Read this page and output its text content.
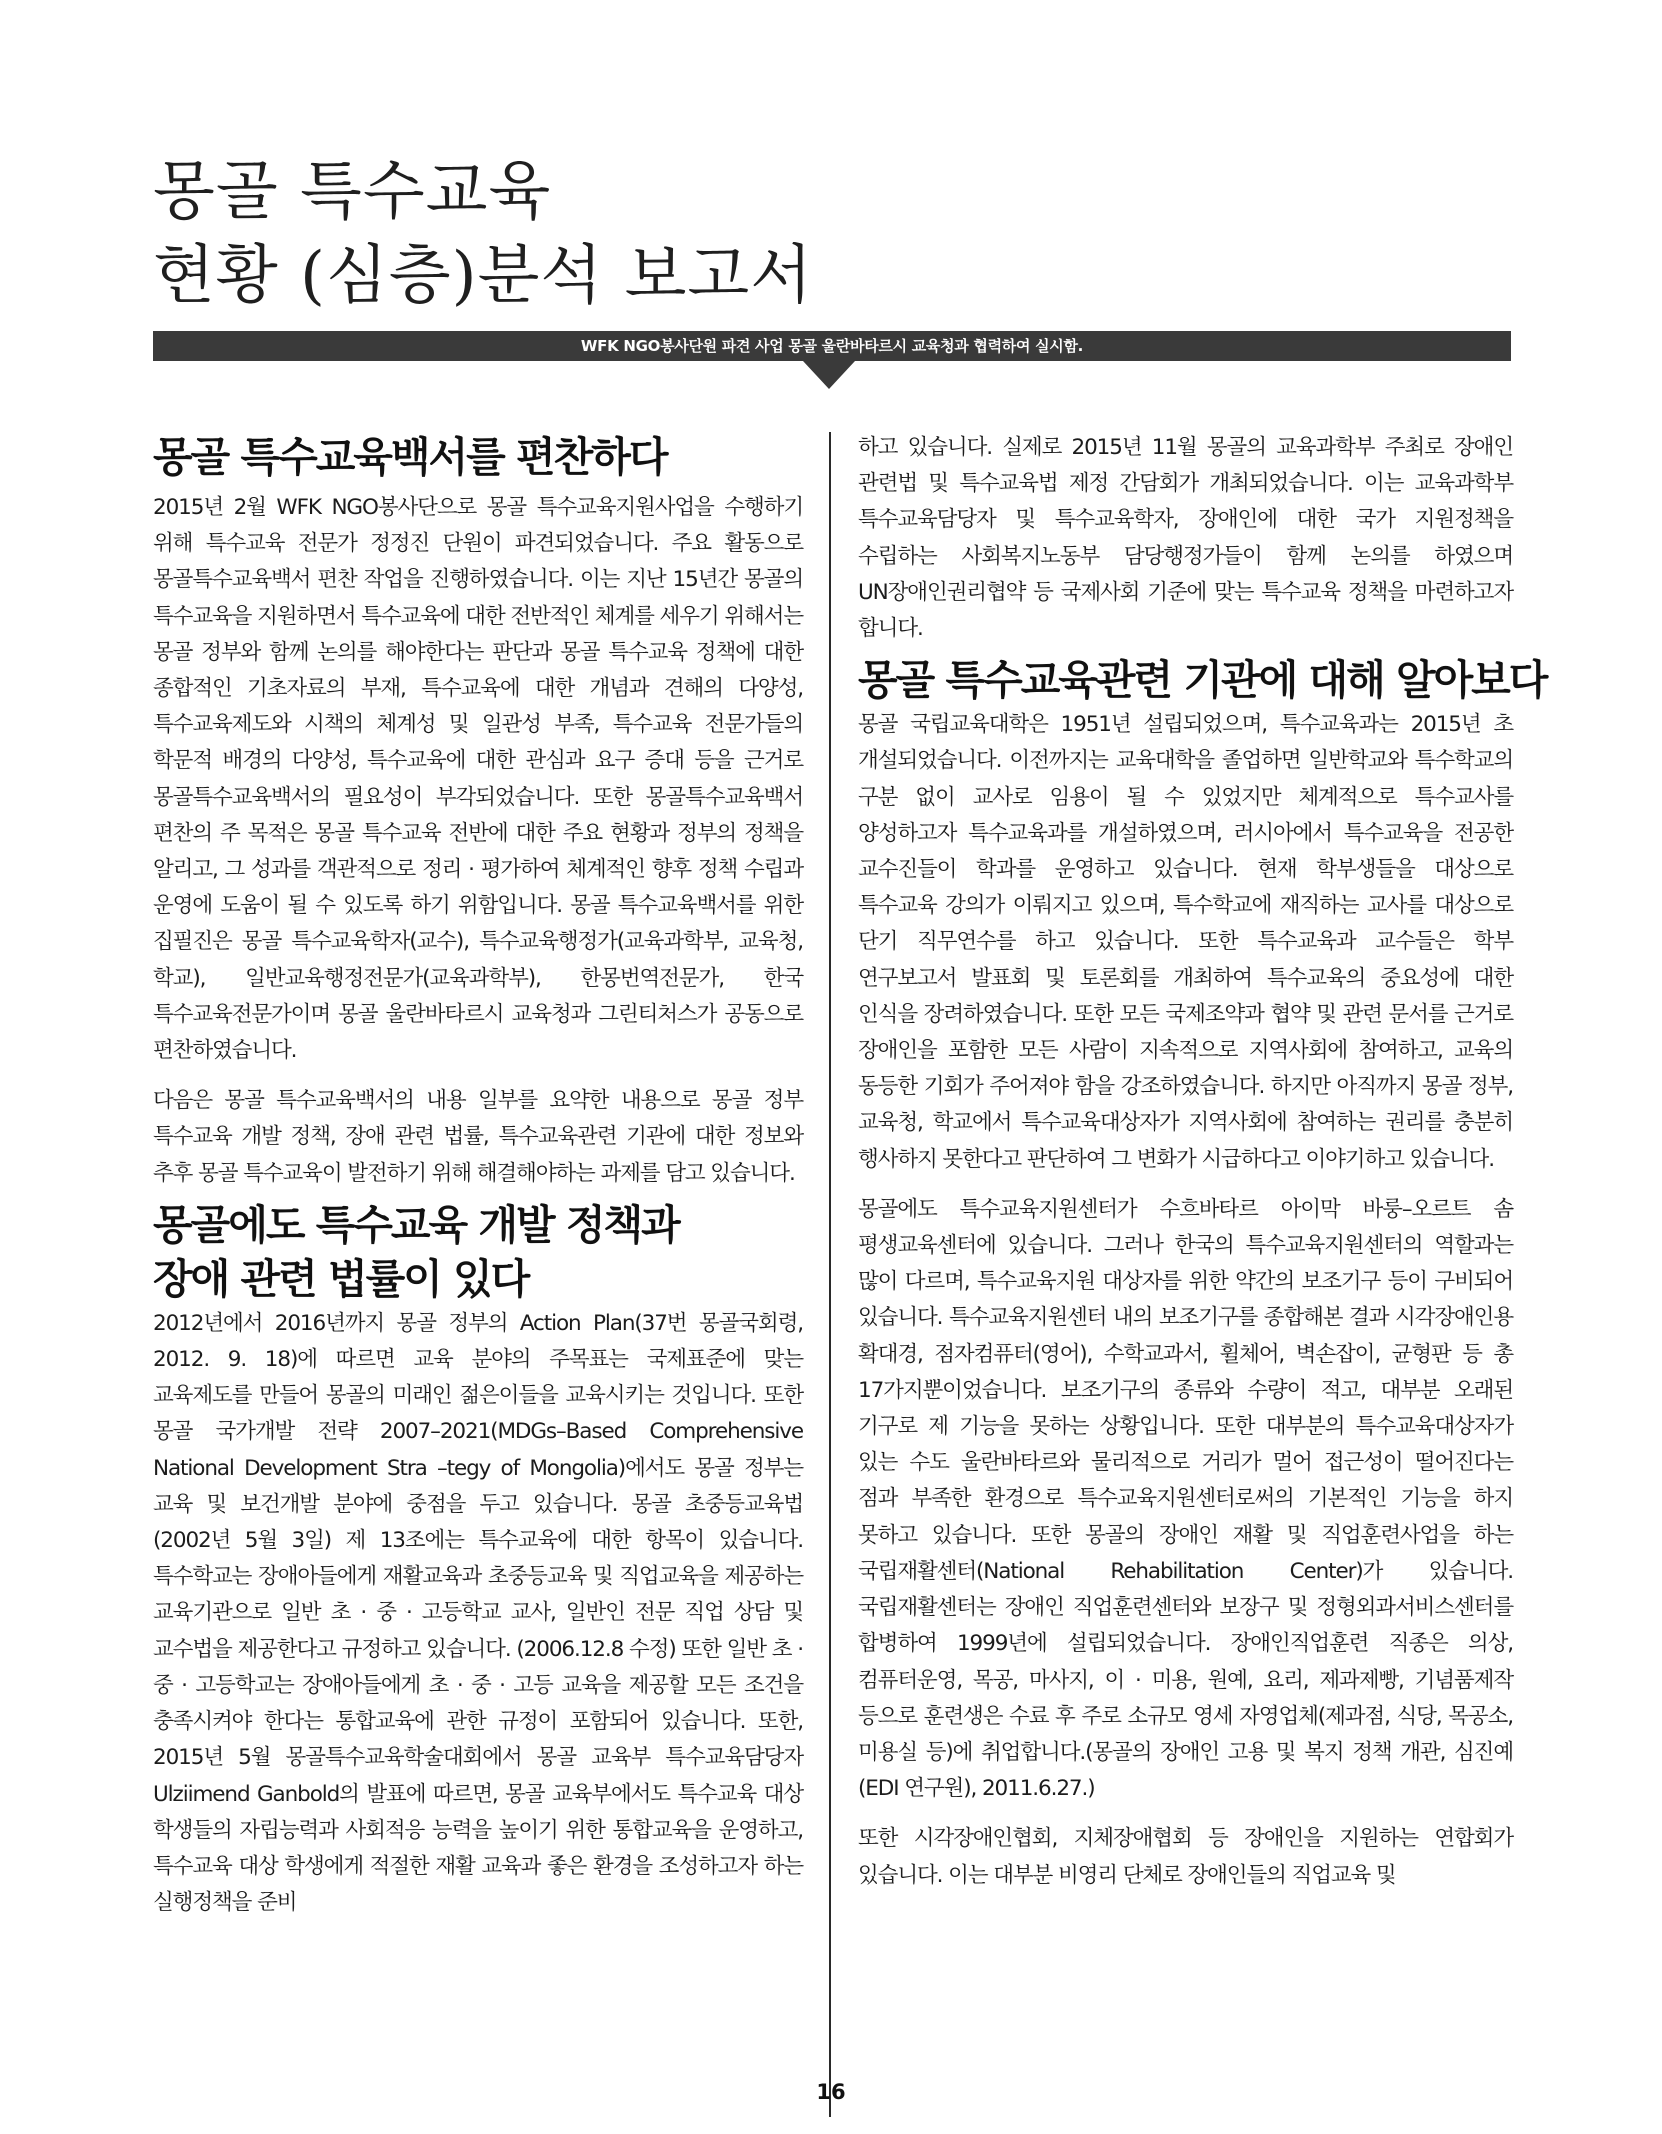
몽골 특수교육
현황 (심층)분석 보고서
WFK NGO봉사단원 파견 사업 몽골 울란바타르시 교육청과 협력하여 실시함.
몽골 특수교육백서를 편찬하다

2015년 2월 WFK NGO봉사단으로 몽골 특수교육지원사업을 수행하기 위해 특수교육 전문가 정정진 단원이 파견되었습니다. 주요 활동으로 몽골특수교육백서 편찬 작업을 진행하였습니다. 이는 지난 15년간 몽골의 특수교육을 지원하면서 특수교육에 대한 전반적인 체계를 세우기 위해서는 몽골 정부와 함께 논의를 해야한다는 판단과 몽골 특수교육 정책에 대한 종합적인 기초자료의 부재, 특수교육에 대한 개념과 견해의 다양성, 특수교육제도와 시책의 체계성 및 일관성 부족, 특수교육 전문가들의 학문적 배경의 다양성, 특수교육에 대한 관심과 요구 증대 등을 근거로 몽골특수교육백서의 필요성이 부각되었습니다. 또한 몽골특수교육백서 편찬의 주 목적은 몽골 특수교육 전반에 대한 주요 현황과 정부의 정책을 알리고, 그 성과를 객관적으로 정리 · 평가하여 체계적인 향후 정책 수립과 운영에 도움이 될 수 있도록 하기 위함입니다. 몽골 특수교육백서를 위한 집필진은 몽골 특수교육학자(교수), 특수교육행정가(교육과학부, 교육청, 학교), 일반교육행정전문가(교육과학부), 한몽번역전문가, 한국 특수교육전문가이며 몽골 울란바타르시 교육청과 그린티처스가 공동으로 편찬하였습니다.

다음은 몽골 특수교육백서의 내용 일부를 요약한 내용으로 몽골 정부 특수교육 개발 정책, 장애 관련 법률, 특수교육관련 기관에 대한 정보와 추후 몽골 특수교육이 발전하기 위해 해결해야하는 과제를 담고 있습니다.

몽골에도 특수교육 개발 정책과
장애 관련 법률이 있다

2012년에서 2016년까지 몽골 정부의 Action Plan(37번 몽골국회령, 2012. 9. 18)에 따르면 교육 분야의 주목표는 국제표준에 맞는 교육제도를 만들어 몽골의 미래인 젊은이들을 교육시키는 것입니다. 또한 몽골 국가개발 전략 2007–2021(MDGs–Based Comprehensive National Development Stra –tegy of Mongolia)에서도 몽골 정부는 교육 및 보건개발 분야에 중점을 두고 있습니다. 몽골 초중등교육법(2002년 5월 3일) 제 13조에는 특수교육에 대한 항목이 있습니다. 특수학교는 장애아들에게 재활교육과 초중등교육 및 직업교육을 제공하는 교육기관으로 일반 초 · 중 · 고등학교 교사, 일반인 전문 직업 상담 및 교수법을 제공한다고 규정하고 있습니다. (2006.12.8 수정) 또한 일반 초 · 중 · 고등학교는 장애아들에게 초 · 중 · 고등 교육을 제공할 모든 조건을 충족시켜야 한다는 통합교육에 관한 규정이 포함되어 있습니다. 또한, 2015년 5월 몽골특수교육학술대회에서 몽골 교육부 특수교육담당자 Ulziimend Ganbold의 발표에 따르면, 몽골 교육부에서도 특수교육 대상 학생들의 자립능력과 사회적응 능력을 높이기 위한 통합교육을 운영하고, 특수교육 대상 학생에게 적절한 재활 교육과 좋은 환경을 조성하고자 하는 실행정책을 준비

하고 있습니다. 실제로 2015년 11월 몽골의 교육과학부 주최로 장애인 관련법 및 특수교육법 제정 간담회가 개최되었습니다. 이는 교육과학부 특수교육담당자 및 특수교육학자, 장애인에 대한 국가 지원정책을 수립하는 사회복지노동부 담당행정가들이 함께 논의를 하였으며 UN장애인권리협약 등 국제사회 기준에 맞는 특수교육 정책을 마련하고자 합니다.

몽골 특수교육관련 기관에 대해 알아보다

몽골 국립교육대학은 1951년 설립되었으며, 특수교육과는 2015년 초 개설되었습니다. 이전까지는 교육대학을 졸업하면 일반학교와 특수학교의 구분 없이 교사로 임용이 될 수 있었지만 체계적으로 특수교사를 양성하고자 특수교육과를 개설하였으며, 러시아에서 특수교육을 전공한 교수진들이 학과를 운영하고 있습니다. 현재 학부생들을 대상으로 특수교육 강의가 이뤄지고 있으며, 특수학교에 재직하는 교사를 대상으로 단기 직무연수를 하고 있습니다. 또한 특수교육과 교수들은 학부 연구보고서 발표회 및 토론회를 개최하여 특수교육의 중요성에 대한 인식을 장려하였습니다. 또한 모든 국제조약과 협약 및 관련 문서를 근거로 장애인을 포함한 모든 사람이 지속적으로 지역사회에 참여하고, 교육의 동등한 기회가 주어져야 함을 강조하였습니다. 하지만 아직까지 몽골 정부, 교육청, 학교에서 특수교육대상자가 지역사회에 참여하는 권리를 충분히 행사하지 못한다고 판단하여 그 변화가 시급하다고 이야기하고 있습니다.

몽골에도 특수교육지원센터가 수흐바타르 아이막 바룽–오르트 솜 평생교육센터에 있습니다. 그러나 한국의 특수교육지원센터의 역할과는 많이 다르며, 특수교육지원 대상자를 위한 약간의 보조기구 등이 구비되어 있습니다. 특수교육지원센터 내의 보조기구를 종합해본 결과 시각장애인용 확대경, 점자컴퓨터(영어), 수학교과서, 휠체어, 벽손잡이, 균형판 등 총 17가지뿐이었습니다. 보조기구의 종류와 수량이 적고, 대부분 오래된 기구로 제 기능을 못하는 상황입니다. 또한 대부분의 특수교육대상자가 있는 수도 울란바타르와 물리적으로 거리가 멀어 접근성이 떨어진다는 점과 부족한 환경으로 특수교육지원센터로써의 기본적인 기능을 하지 못하고 있습니다. 또한 몽골의 장애인 재활 및 직업훈련사업을 하는 국립재활센터(National Rehabilitation Center)가 있습니다. 국립재활센터는 장애인 직업훈련센터와 보장구 및 정형외과서비스센터를 합병하여 1999년에 설립되었습니다. 장애인직업훈련 직종은 의상, 컴퓨터운영, 목공, 마사지, 이 · 미용, 원예, 요리, 제과제빵, 기념품제작 등으로 훈련생은 수료 후 주로 소규모 영세 자영업체(제과점, 식당, 목공소, 미용실 등)에 취업합니다.(몽골의 장애인 고용 및 복지 정책 개관, 심진예(EDI 연구원), 2011.6.27.)

또한 시각장애인협회, 지체장애협회 등 장애인을 지원하는 연합회가 있습니다. 이는 대부분 비영리 단체로 장애인들의 직업교육 및

16
